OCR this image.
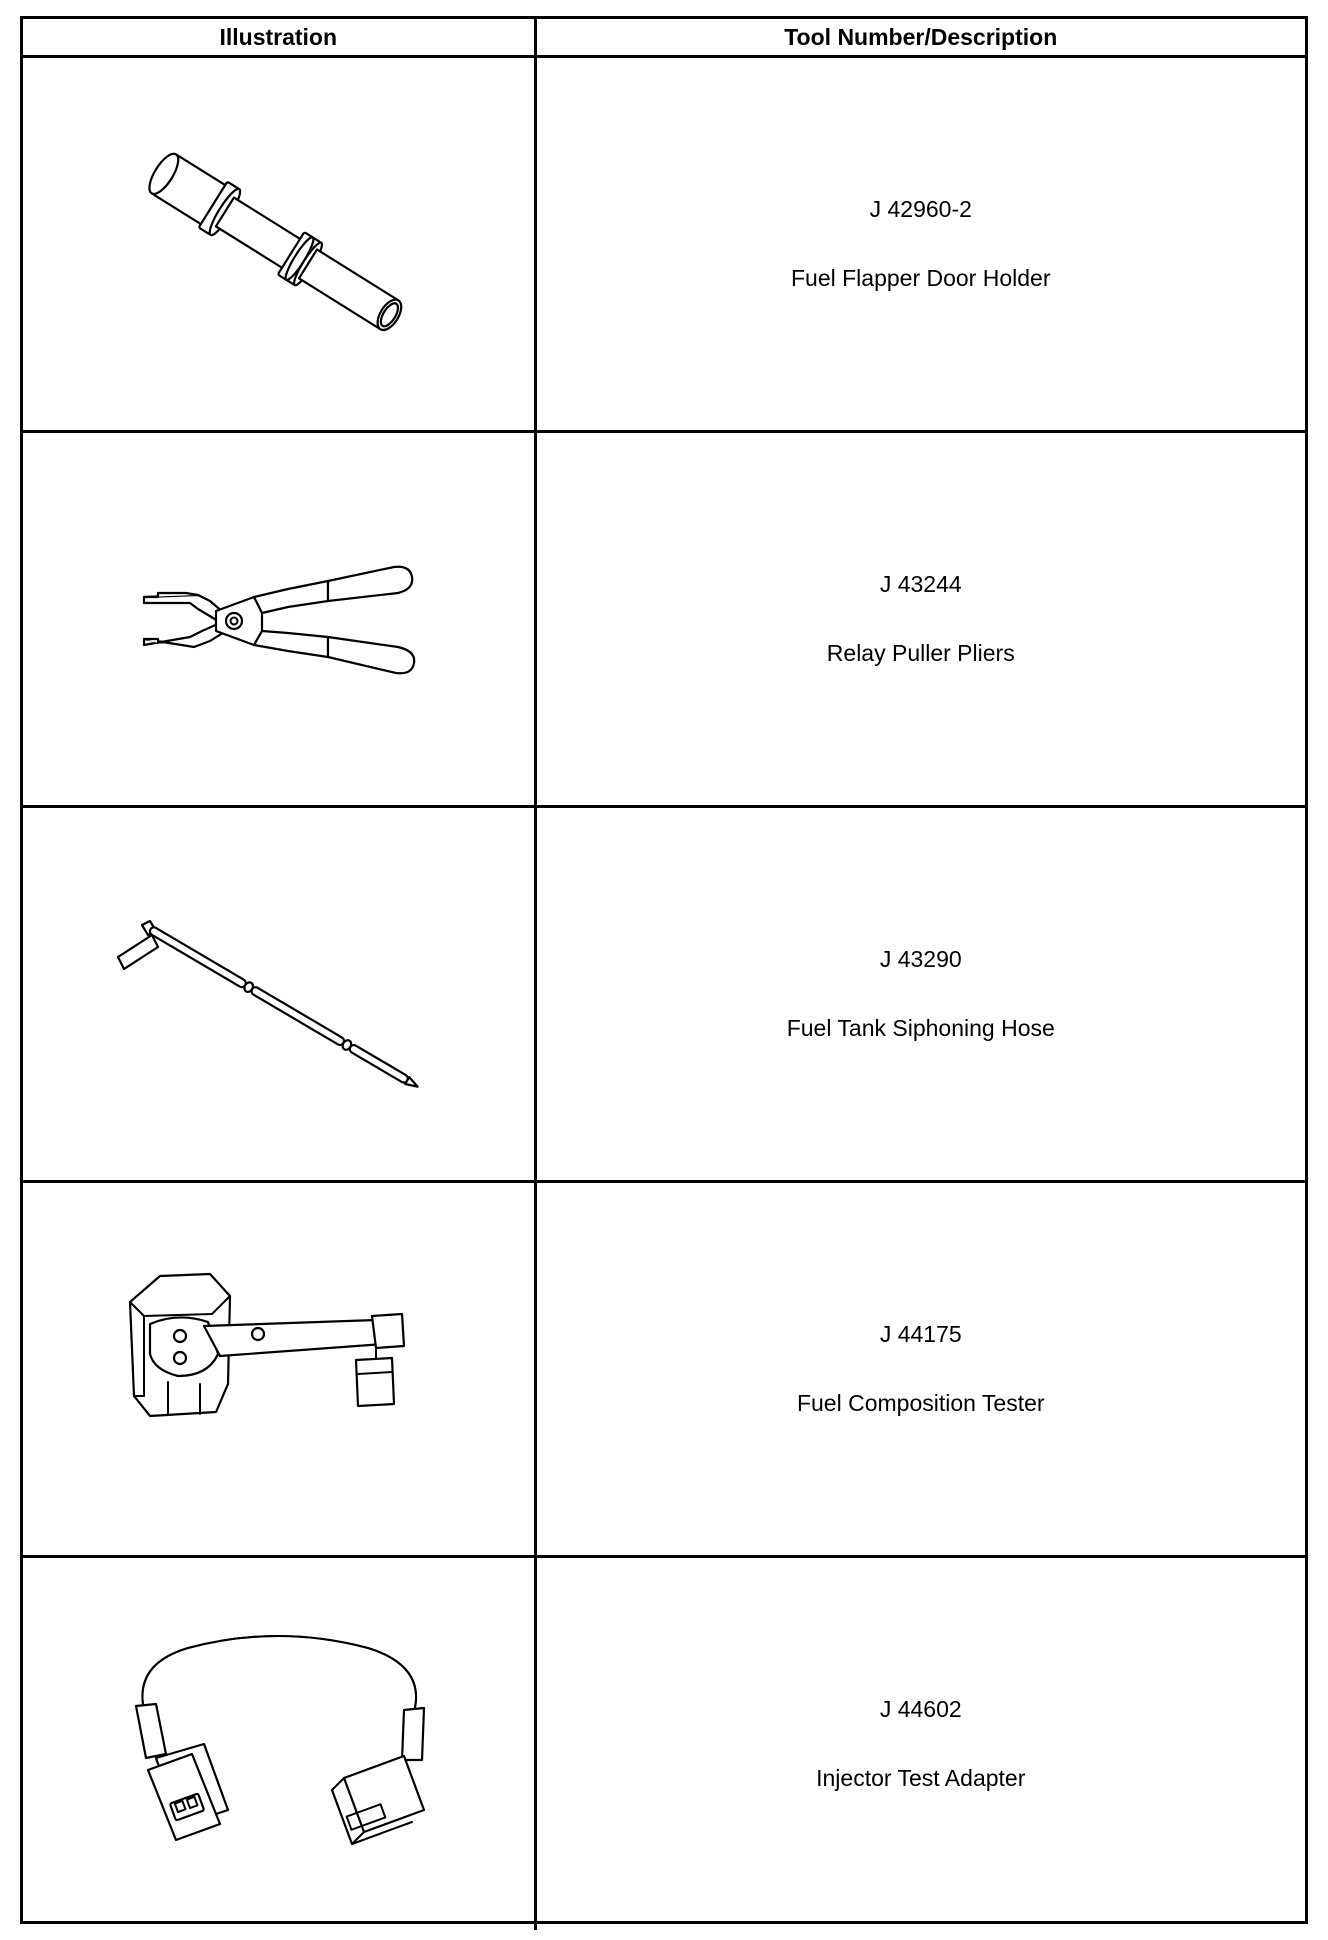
Illustration	Tool Number/Description

J 42960-2
Fuel Flapper Door Holder

J 43244
Relay Puller Pliers

J 43290
Fuel Tank Siphoning Hose

J 44175
Fuel Composition Tester

J 44602
Injector Test Adapter
